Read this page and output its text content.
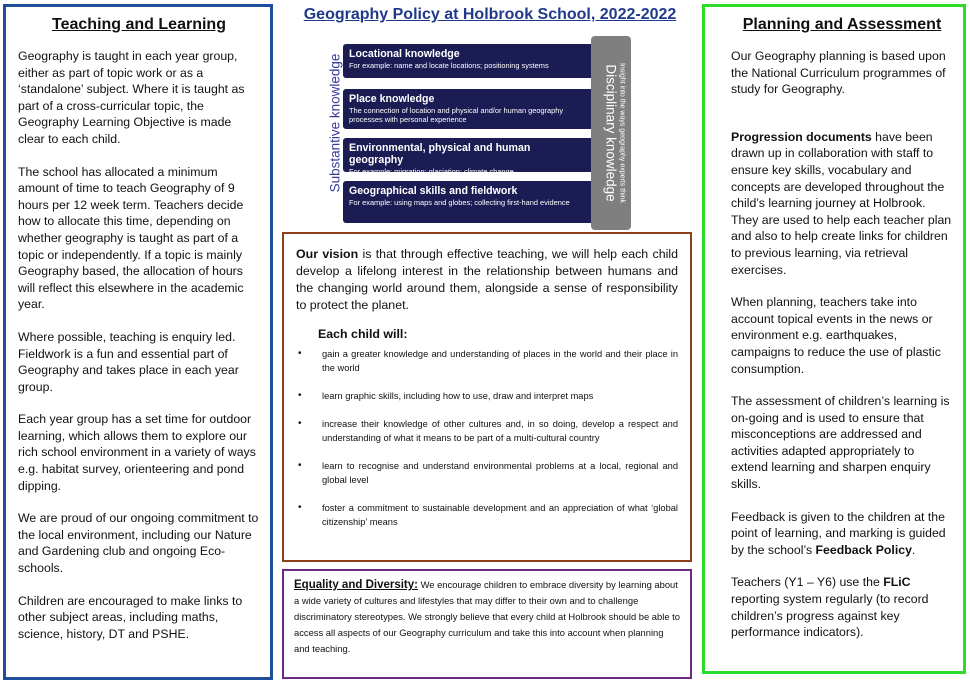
Teaching and Learning

Geography is taught in each year group, either as part of topic work or as a ‘standalone’ subject. Where it is taught as part of a cross-curricular topic, the Geography Learning Objective is made clear to each child.

The school has allocated a minimum amount of time to teach Geography of 9 hours per 12 week term. Teachers decide how to allocate this time, depending on whether geography is taught as part of a topic or independently. If a topic is mainly Geography based, the allocation of hours will reflect this elsewhere in the academic year.

Where possible, teaching is enquiry led. Fieldwork is a fun and essential part of Geography and takes place in each year group.

Each year group has a set time for outdoor learning, which allows them to explore our rich school environment in a variety of ways e.g. habitat survey, orienteering and pond dipping.

We are proud of our ongoing commitment to the local environment, including our Nature and Gardening club and ongoing Eco-schools.

Children are encouraged to make links to other subject areas, including maths, science, history, DT and PSHE.

Geography Policy at Holbrook School, 2022-2022
Substantive knowledge Locational knowledge
For example: name and locate locations; positioning systems
Place knowledge
The connection of location and physical and/or human geography processes with personal experience
Environmental, physical and human geography
For example: migration; glaciation; climate change
Geographical skills and fieldwork
For example: using maps and globes; collecting first-hand evidence
Disciplinary knowledge Insight into the ways geography experts think

Our vision is that through effective teaching, we will help each child develop a lifelong interest in the relationship between humans and the changing world around them, alongside a sense of responsibility to protect the planet.

Each child will:
• gain a greater knowledge and understanding of places in the world and their place in the world
• learn graphic skills, including how to use, draw and interpret maps
• increase their knowledge of other cultures and, in so doing, develop a respect and understanding of what it means to be part of a multi-cultural country
• learn to recognise and understand environmental problems at a local, regional and global level
• foster a commitment to sustainable development and an appreciation of what ‘global citizenship’ means

Equality and Diversity: We encourage children to embrace diversity by learning about a wide variety of cultures and lifestyles that may differ to their own and to challenge discriminatory stereotypes. We strongly believe that every child at Holbrook should be able to access all aspects of our Geography curriculum and take this into account when planning and teaching.

Planning and Assessment

Our Geography planning is based upon the National Curriculum programmes of study for Geography.

Progression documents have been drawn up in collaboration with staff to ensure key skills, vocabulary and concepts are developed throughout the child’s learning journey at Holbrook. They are used to help each teacher plan and also to help create links for children to previous learning, via retrieval exercises.

When planning, teachers take into account topical events in the news or environment e.g. earthquakes, campaigns to reduce the use of plastic consumption.

The assessment of children’s learning is on-going and is used to ensure that misconceptions are addressed and activities adapted appropriately to extend learning and sharpen enquiry skills.

Feedback is given to the children at the point of learning, and marking is guided by the school’s Feedback Policy.

Teachers (Y1 – Y6) use the FLiC reporting system regularly (to record children’s progress against key performance indicators).
